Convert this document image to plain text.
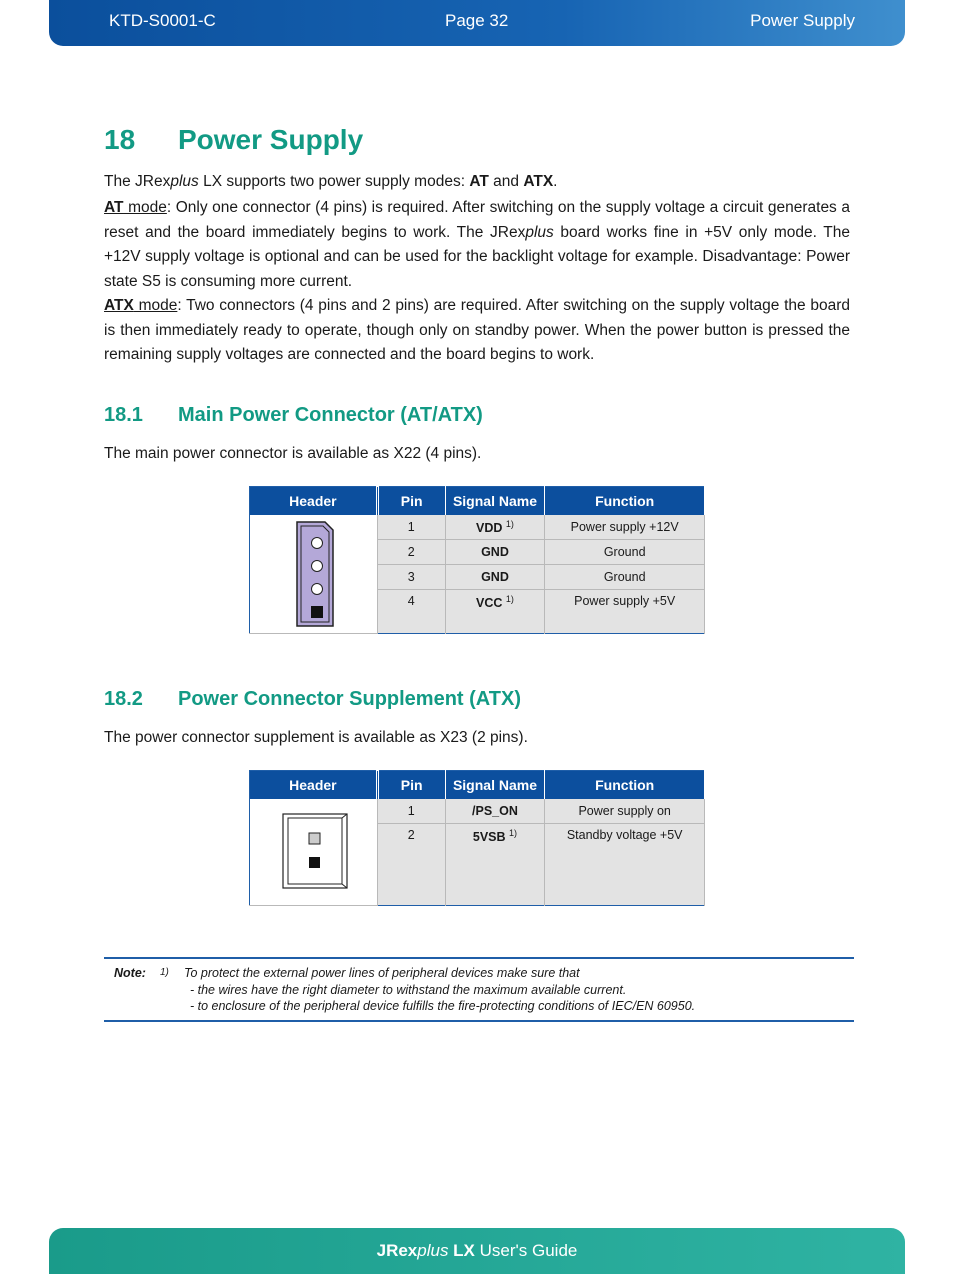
KTD-S0001-C	Page 32	Power Supply
18 Power Supply
The JRexplus LX supports two power supply modes: AT and ATX.
AT mode: Only one connector (4 pins) is required. After switching on the supply voltage a circuit generates a reset and the board immediately begins to work. The JRexplus board works fine in +5V only mode. The +12V supply voltage is optional and can be used for the backlight voltage for example. Disadvantage: Power state S5 is consuming more current.
ATX mode: Two connectors (4 pins and 2 pins) are required. After switching on the supply voltage the board is then immediately ready to operate, though only on standby power. When the power button is pressed the remaining supply voltages are connected and the board begins to work.
18.1 Main Power Connector (AT/ATX)
The main power connector is available as X22 (4 pins).
Header	Pin	Signal Name	Function
	1	VDD $^{1)}$	Power supply +12V
	2	GND	Ground
	3	GND	Ground
	4	VCC $^{1)}$	Power supply +5V
18.2 Power Connector Supplement (ATX)
The power connector supplement is available as X23 (2 pins).
Header	Pin	Signal Name	Function
	1	/PS_ON	Power supply on
	2	5VSB $^{1)}$	Standby voltage +5V
Note: 1) To protect the external power lines of peripheral devices make sure that
- the wires have the right diameter to withstand the maximum available current.
- to enclosure of the peripheral device fulfills the fire-protecting conditions of IEC/EN 60950.
JRexplus LX User's Guide
